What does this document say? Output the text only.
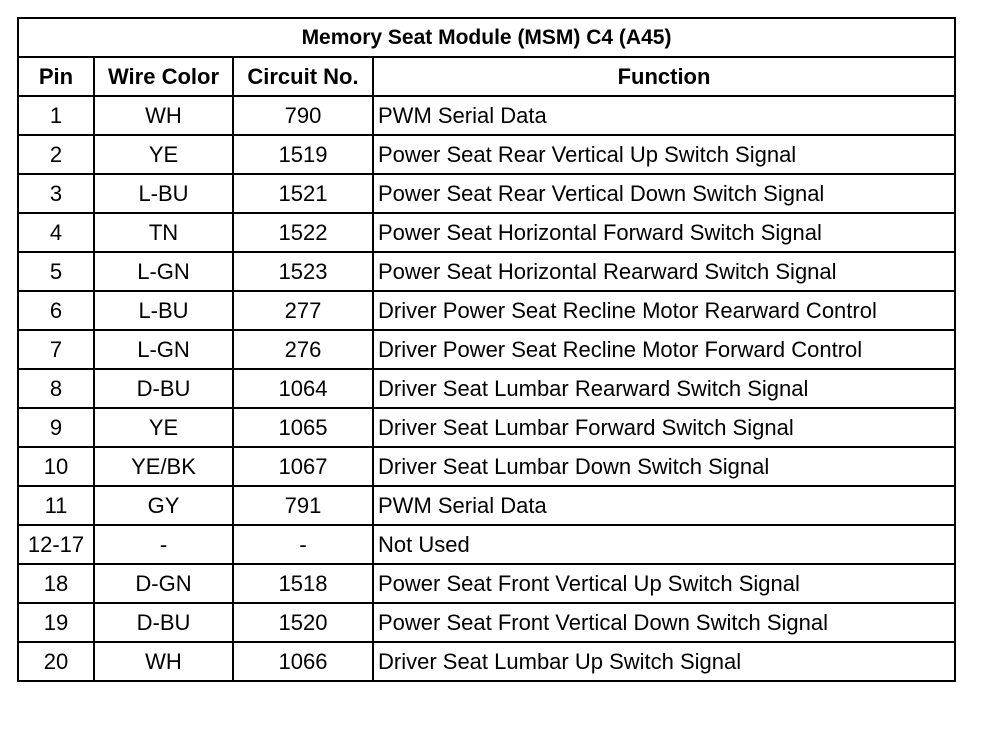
Memory Seat Module (MSM) C4 (A45)			
Pin	Wire Color	Circuit No.	Function
1	WH	790	PWM Serial Data
2	YE	1519	Power Seat Rear Vertical Up Switch Signal
3	L-BU	1521	Power Seat Rear Vertical Down Switch Signal
4	TN	1522	Power Seat Horizontal Forward Switch Signal
5	L-GN	1523	Power Seat Horizontal Rearward Switch Signal
6	L-BU	277	Driver Power Seat Recline Motor Rearward Control
7	L-GN	276	Driver Power Seat Recline Motor Forward Control
8	D-BU	1064	Driver Seat Lumbar Rearward Switch Signal
9	YE	1065	Driver Seat Lumbar Forward Switch Signal
10	YE/BK	1067	Driver Seat Lumbar Down Switch Signal
11	GY	791	PWM Serial Data
12-17	-	-	Not Used
18	D-GN	1518	Power Seat Front Vertical Up Switch Signal
19	D-BU	1520	Power Seat Front Vertical Down Switch Signal
20	WH	1066	Driver Seat Lumbar Up Switch Signal
